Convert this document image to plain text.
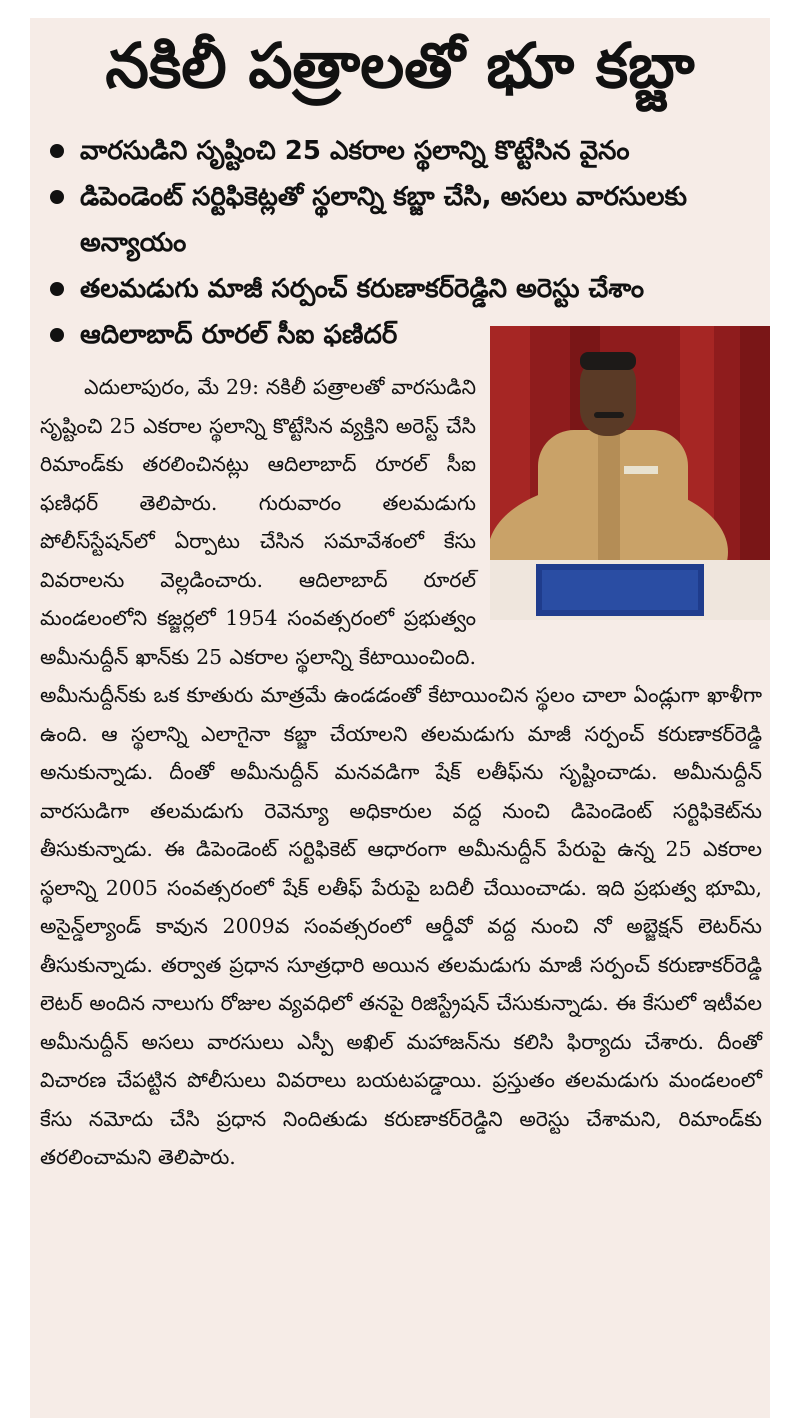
నకిలీ పత్రాలతో భూ కబ్జా
వారసుడిని సృష్టించి 25 ఎకరాల స్థలాన్ని కొట్టేసిన వైనం
డిపెండెంట్ సర్టిఫికెట్లతో స్థలాన్ని కబ్జా చేసి, అసలు వారసులకు అన్యాయం
తలమడుగు మాజీ సర్పంచ్ కరుణాకర్‌రెడ్డిని అరెస్టు చేశాం
ఆదిలాబాద్ రూరల్ సీఐ ఫణిదర్

ఎదులాపురం, మే 29: నకిలీ పత్రాలతో వారసుడిని సృష్టించి 25 ఎకరాల స్థలాన్ని కొట్టేసిన వ్యక్తిని అరెస్ట్ చేసి రిమాండ్‌కు తరలించినట్లు ఆదిలాబాద్ రూరల్ సీఐ ఫణిధర్ తెలిపారు. గురువారం తలమడుగు పోలీస్‌స్టేషన్‌లో ఏర్పాటు చేసిన సమావేశంలో కేసు వివరాలను వెల్లడించారు. ఆదిలాబాద్ రూరల్ మండలంలోని కజ్జర్లలో 1954 సంవత్సరంలో ప్రభుత్వం అమీనుద్దీన్ ఖాన్‌కు 25 ఎకరాల స్థలాన్ని కేటాయించింది. అమీనుద్దీన్‌కు ఒక కూతురు మాత్రమే ఉండడంతో కేటాయించిన స్థలం చాలా ఏండ్లుగా ఖాళీగా ఉంది. ఆ స్థలాన్ని ఎలాగైనా కబ్జా చేయాలని తలమడుగు మాజీ సర్పంచ్ కరుణాకర్‌రెడ్డి అనుకున్నాడు. దీంతో అమీనుద్దీన్ మనవడిగా షేక్ లతీఫ్‌ను సృష్టించాడు. అమీనుద్దీన్ వారసుడిగా తలమడుగు రెవెన్యూ అధికారుల వద్ద నుంచి డిపెండెంట్ సర్టిఫికెట్‌ను తీసుకున్నాడు. ఈ డిపెండెంట్ సర్టిఫికెట్ ఆధారంగా అమీనుద్దీన్ పేరుపై ఉన్న 25 ఎకరాల స్థలాన్ని 2005 సంవత్సరంలో షేక్ లతీఫ్ పేరుపై బదిలీ చేయించాడు. ఇది ప్రభుత్వ భూమి, అసైన్డ్‌ల్యాండ్ కావున 2009వ సంవత్సరంలో ఆర్డీవో వద్ద నుంచి నో అబ్జెక్షన్ లెటర్‌ను తీసుకున్నాడు. తర్వాత ప్రధాన సూత్రధారి అయిన తలమడుగు మాజీ సర్పంచ్ కరుణాకర్‌రెడ్డి లెటర్ అందిన నాలుగు రోజుల వ్యవధిలో తనపై రిజిస్ట్రేషన్ చేసుకున్నాడు. ఈ కేసులో ఇటీవల అమీనుద్దీన్ అసలు వారసులు ఎస్పీ అఖిల్ మహాజన్‌ను కలిసి ఫిర్యాదు చేశారు. దీంతో విచారణ చేపట్టిన పోలీసులు వివరాలు బయటపడ్డాయి. ప్రస్తుతం తలమడుగు మండలంలో కేసు నమోదు చేసి ప్రధాన నిందితుడు కరుణాకర్‌రెడ్డిని అరెస్టు చేశామని, రిమాండ్‌కు తరలించామని తెలిపారు.
